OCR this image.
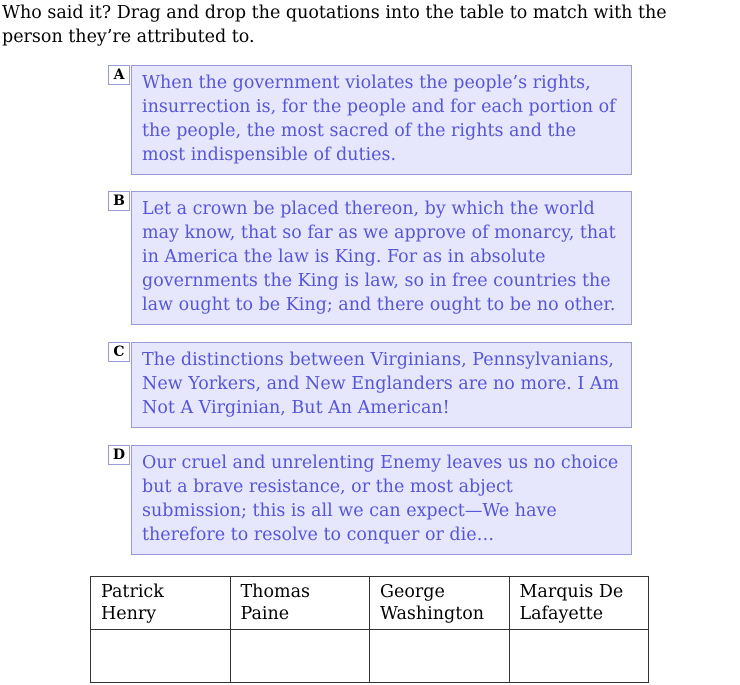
Who said it? Drag and drop the quotations into the table to match with the person they’re attributed to.

A	When the government violates the people’s rights, insurrection is, for the people and for each portion of the people, the most sacred of the rights and the most indispensible of duties.
B Let a crown be placed thereon, by which the world may know, that so far as we approve of monarcy, that in America the law is King. For as in absolute governments the King is law, so in free countries the law ought to be King; and there ought to be no other.
C The distinctions between Virginians, Pennsylvanians, New Yorkers, and New Englanders are no more. I Am Not A Virginian, But An American!
D Our cruel and unrelenting Enemy leaves us no choice but a brave resistance, or the most abject submission; this is all we can expect—We have therefore to resolve to conquer or die…
Patrick Henry	Thomas Paine	George Washington	Marquis De Lafayette
